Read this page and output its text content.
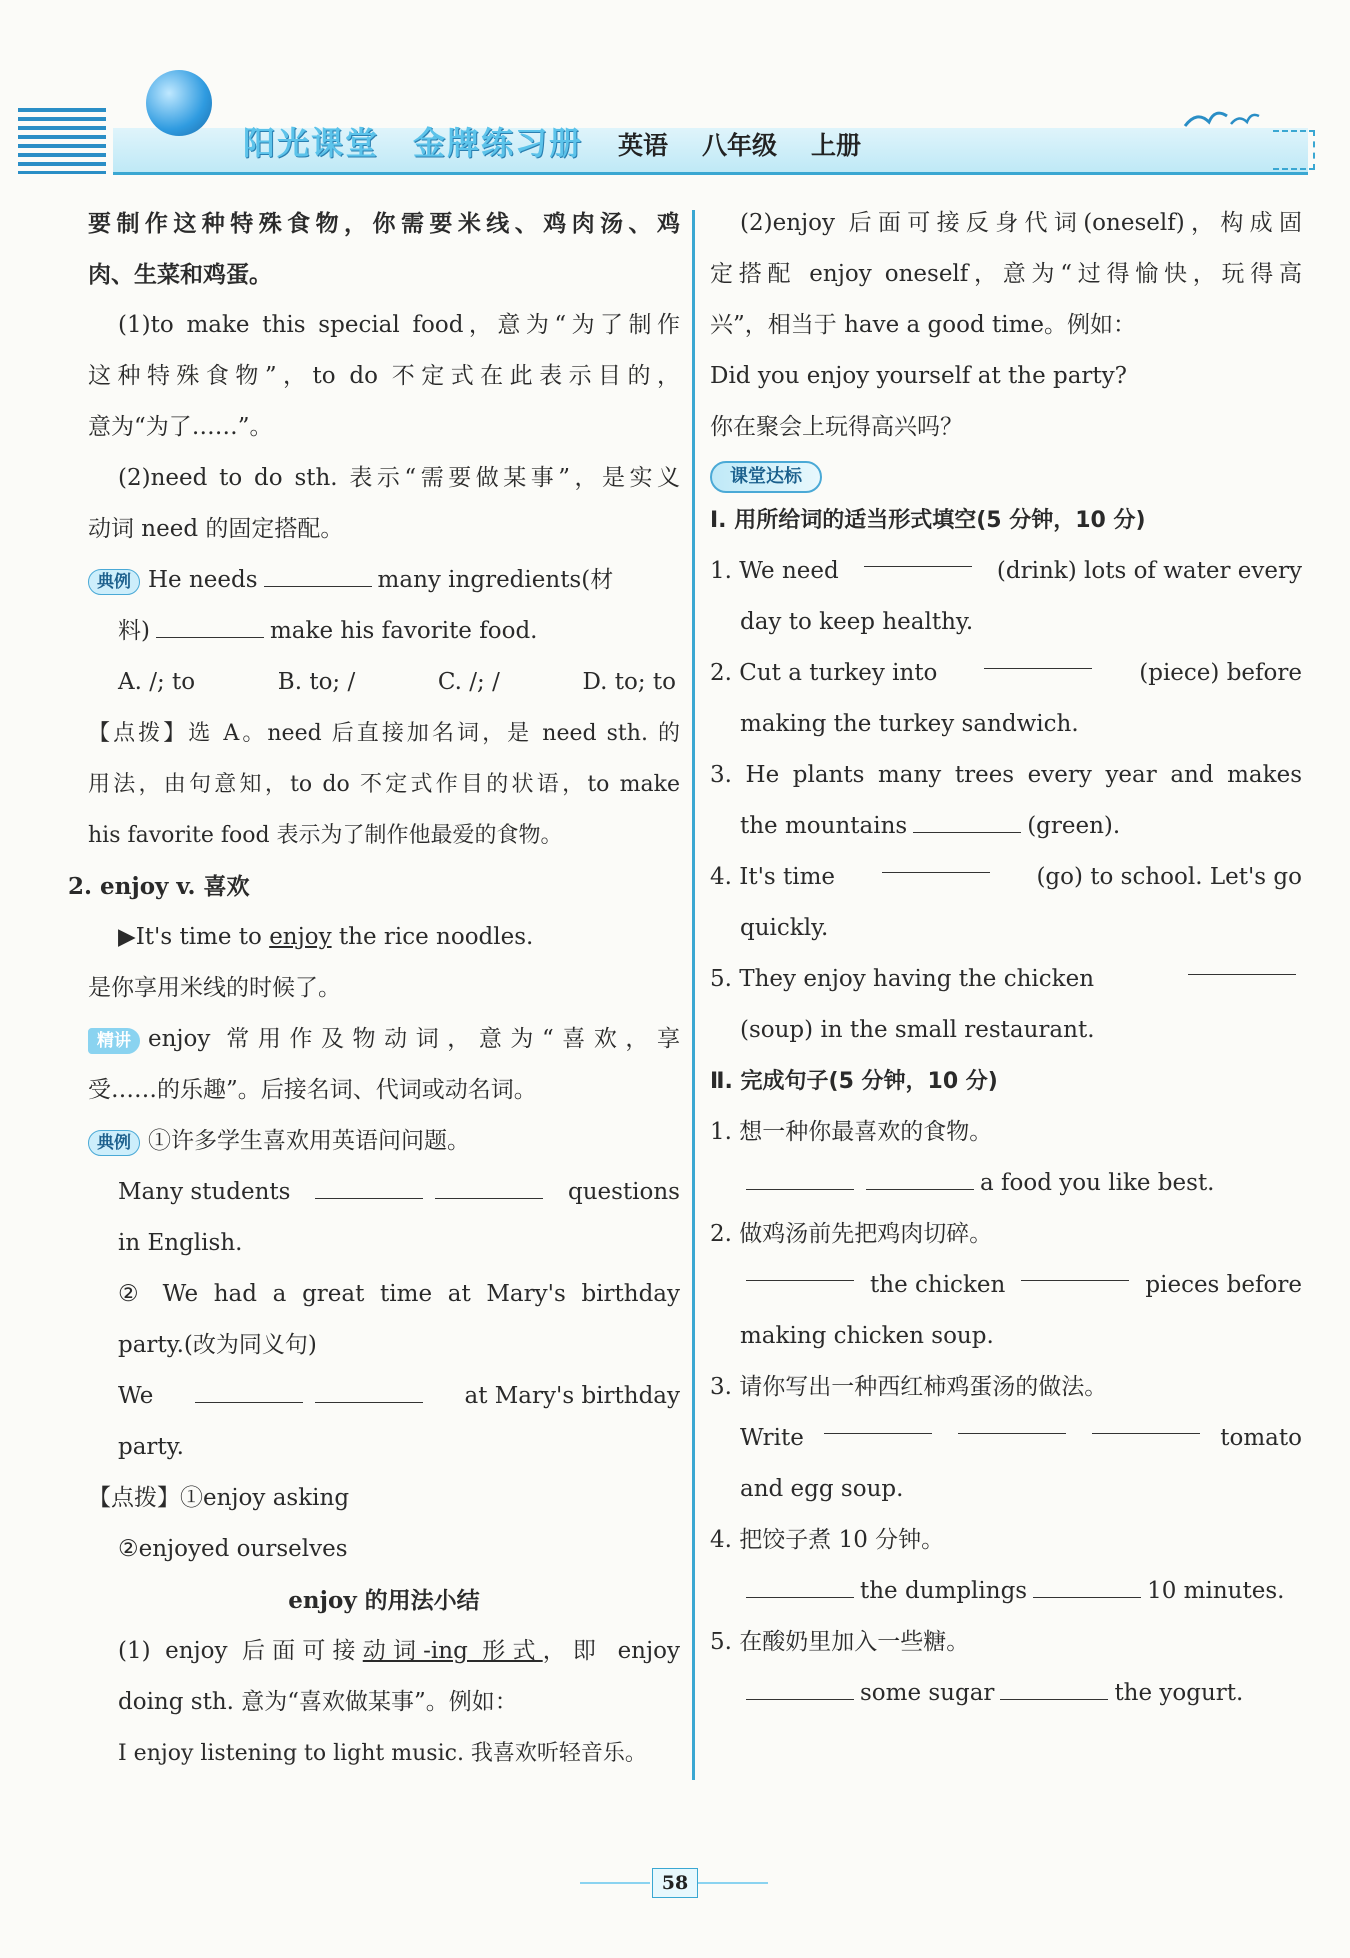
阳光课堂 金牌练习册	英语 八年级 上册
要制作这种特殊食物，你需要米线、鸡肉汤、鸡
肉、生菜和鸡蛋。
(1)to make this special food，意为“为了制作
这种特殊食物”，to do 不定式在此表示目的，
意为“为了……”。
(2)need to do sth. 表示“需要做某事”，是实义
动词 need 的固定搭配。
典例 He needs	many ingredients(材
料)	make his favorite food.
A. /; to	B. to; /	C. /; /	D. to; to
【点拨】选 A。need 后直接加名词，是 need sth. 的
用法，由句意知，to do 不定式作目的状语，to make
his favorite food 表示为了制作他最爱的食物。
2. enjoy v. 喜欢
▶It's time to enjoy the rice noodles.
是你享用米线的时候了。
精讲 enjoy 常用作及物动词，意为“喜欢，享
受……的乐趣”。后接名词、代词或动名词。
典例 ①许多学生喜欢用英语问问题。
Many students	questions
in English.
② We had a great time at Mary's birthday
party.(改为同义句)
We	at Mary's birthday
party.
【点拨】①enjoy asking
②enjoyed ourselves
enjoy 的用法小结
(1) enjoy 后面可接动词-ing 形式，即 enjoy
doing sth. 意为“喜欢做某事”。例如：
I enjoy listening to light music. 我喜欢听轻音乐。
(2)enjoy 后面可接反身代词(oneself)，构成固
定搭配 enjoy oneself，意为“过得愉快，玩得高
兴”，相当于 have a good time。例如：
Did you enjoy yourself at the party?
你在聚会上玩得高兴吗？
课堂达标
Ⅰ. 用所给词的适当形式填空(5 分钟，10 分)
1. We need	(drink) lots of water every
day to keep healthy.
2. Cut a turkey into	(piece) before
making the turkey sandwich.
3. He plants many trees every year and makes
the mountains	(green).
4. It's time	(go) to school. Let's go
quickly.
5. They enjoy having the chicken
(soup) in the small restaurant.
Ⅱ. 完成句子(5 分钟，10 分)
1. 想一种你最喜欢的食物。
a food you like best.
2. 做鸡汤前先把鸡肉切碎。
the chicken	pieces before
making chicken soup.
3. 请你写出一种西红柿鸡蛋汤的做法。
Write	tomato
and egg soup.
4. 把饺子煮 10 分钟。
the dumplings	10 minutes.
5. 在酸奶里加入一些糖。
some sugar	the yogurt.
58
